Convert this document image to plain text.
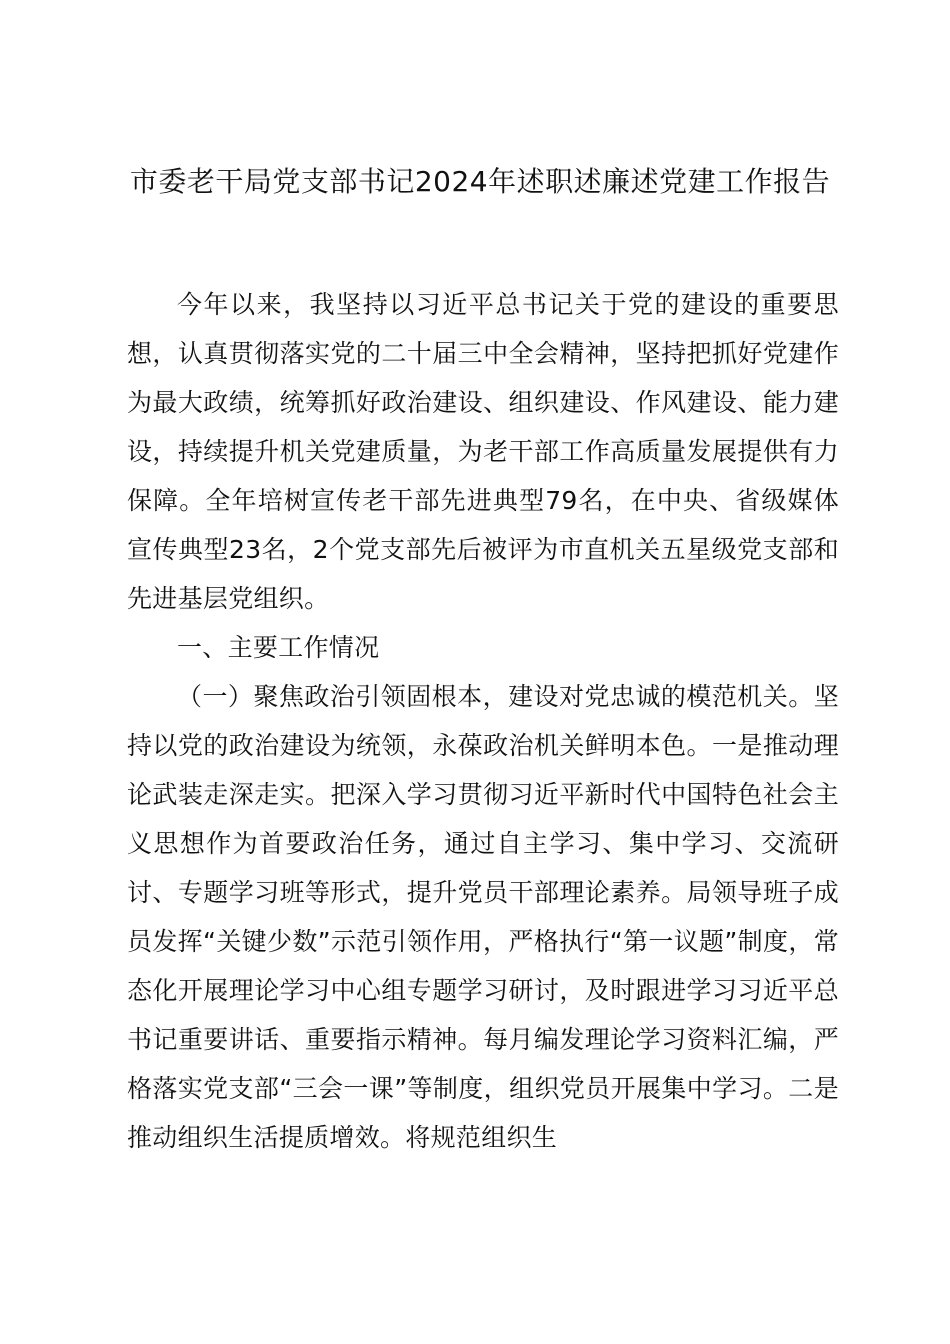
市委老干局党支部书记2024年述职述廉述党建工作报告

今年以来，我坚持以习近平总书记关于党的建设的重要思想，认真贯彻落实党的二十届三中全会精神，坚持把抓好党建作为最大政绩，统筹抓好政治建设、组织建设、作风建设、能力建设，持续提升机关党建质量，为老干部工作高质量发展提供有力保障。全年培树宣传老干部先进典型79名，在中央、省级媒体宣传典型23名，2个党支部先后被评为市直机关五星级党支部和先进基层党组织。

一、主要工作情况

（一）聚焦政治引领固根本，建设对党忠诚的模范机关。坚持以党的政治建设为统领，永葆政治机关鲜明本色。一是推动理论武装走深走实。把深入学习贯彻习近平新时代中国特色社会主义思想作为首要政治任务，通过自主学习、集中学习、交流研讨、专题学习班等形式，提升党员干部理论素养。局领导班子成员发挥“关键少数”示范引领作用，严格执行“第一议题”制度，常态化开展理论学习中心组专题学习研讨，及时跟进学习习近平总书记重要讲话、重要指示精神。每月编发理论学习资料汇编，严格落实党支部“三会一课”等制度，组织党员开展集中学习。二是推动组织生活提质增效。将规范组织生
